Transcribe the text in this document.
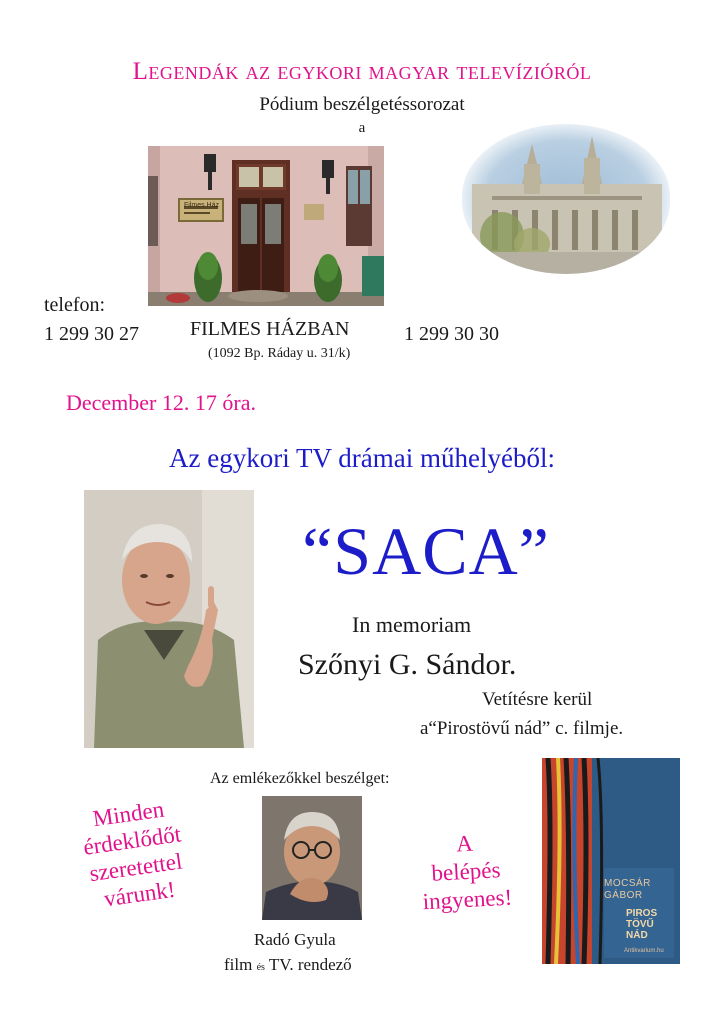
Legendák az egykori magyar televízióról
Pódium beszélgetéssorozat
a
Filmes Ház
telefon:
1 299 30 27	FILMES HÁZBAN
(1092 Bp. Ráday u. 31/k)
1 299 30 30
December 12. 17 óra.
Az egykori TV drámai műhelyéből:
“SACA”
In memoriam
Szőnyi G. Sándor.
Vetítésre kerül
a“Pirostövű nád” c. filmje.
Az emlékezőkkel beszélget:
Radó Gyula
film és TV. rendező
Minden
érdeklődőt
szeretettel
várunk!
A
belépés
ingyenes!
MOCSÁR
GÁBOR
PIROS
TÖVŰ
NÁD
Antikvarium.hu
